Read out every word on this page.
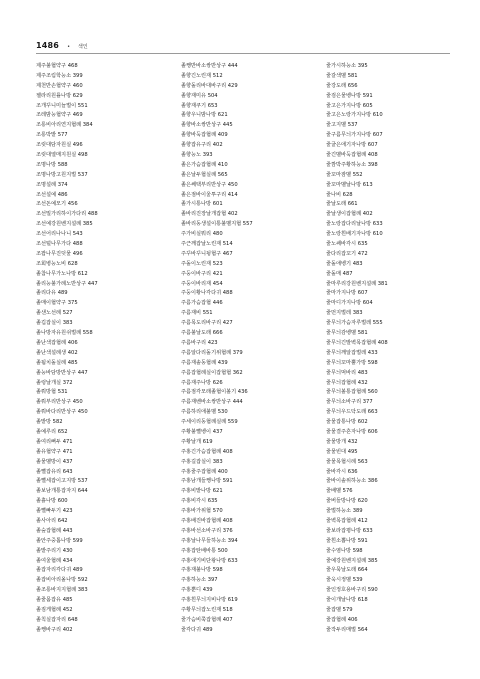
1486 • 색인
제주불협약구 468
제주조림학능소 399
제천반손협약구 460
젤라리원률나방 629
조개꾸니미늘벌이 551
조레밤능협약구 469
조롱비아리연지협례 384
조롱박밭 577
조릿대담자원실 496
조릿대열매지원실 498
조명나방 588
조명나방고원지벌 537
조명설례 374
조선설예 486
조선돈예모기 456
조선밀가리하이가다리 488
조선예강원벤지설례 385
조선어리나나니 543
조선털나무가다 488
조팝나무진딧물 496
조회병능노비 628
졸참나무가노나방 612
졸리능불가례노반상구 447
졸리다유 489
졸매이협약구 375
졸샌노선례 527
졸깁잡실이 383
졸나방자유원쉬벌례 558
졸난색잡협례 406
졸난색설례생 402
졸됨치돌실례 485
졸능바담방반상구 447
졸렁날개실 372
졸뤄방협 531
졸뤄부리반상구 450
졸뤄바다리반상구 450
졸밭방 582
졸예루리 652
졸여리뻐두 471
졸유협약구 471
졸물벨방이 437
졸뻘잡유리 643
졸뻘세잡이고지방 537
졸보남개통잡자지 644
졸흙나방 600
졸뻘빠두기 423
졸사아리 642
졸숲잡협례 443
졸안주중톱나방 599
졸밭주리기 430
졸여울협례 434
졸잡자리각다귀 489
졸잡비아리올나방 592
졸조롱바지지협례 383
졸줄몸잡유 485
졸짐게협례 452
졸칙실잡자리 648
졸쨍바구리 402
졸쨍반바소쌍반상구 444
졸향긴노린재 512
졸향돌리바대바구리 429
졸향재미유 504
졸향재쿠기 653
졸향우니밤나방 621
졸향바소쌍반상구 445
졸향바둑잡협례 409
졸향잡유구리 402
졸향능노 393
졸은가슴잡협례 410
졸은날두협실례 565
졸은쎄택부리반상구 450
졸은점바이울투구리 414
졸가시통나방 601
졸바리진장날개잡협 402
졸바리동생설이통불벨지협 557
주가비실뭐리 480
주근깨잡날노린재 514
주꾸바꾸니뒹협구 467
주돌이노린재 523
주둥이바구리 421
주둥이바리재 454
주둥이황나각다귀 488
주름가슴잡협 446
주름재비 551
주름목도리바구리 427
주름불날도래 666
주름바구리 423
주름알다리돌기위협례 379
주름재솔동협례 439
주름잡협례실이잡협협 362
주름재주나방 626
주름점각모래졸협이볼기 436
주름재벤바소쌍반상구 444
주름하리애불벨 530
주세이리동협례실례 559
주황불뻘벵이 437
주황날개 619
주홍긴가슴잡협례 408
주홍길잡실이 383
주홍줄주잡협례 400
주홍남개들쨍나방 591
주홍비밭나방 621
주홍비각시 635
주홍바가위협 570
주홍배진바잡협례 408
주홍바선소바구리 376
주홍날나무들하능소 394
주홍잡탄배바통 500
주홍애기비단왕나방 633
주홍재불나방 598
주홍하능소 397
주홍뿐디 439
주홍흰무늬지비나방 619
주황무늬잡노린재 518
줄가슴비쭉잡협례 407
줄각다귀 489
줄가시하능소 395
줄갈색벨 581
줄강도래 656
줄검은물벵나방 591
줄고은가지나방 605
줄고은노랑가지나방 610
줄고지벨 537
줄구름무늬가지나방 607
줄굴은애기자나방 607
줄긴벨바둑잡협례 408
줄깜박주황하능소 398
줄꼬마잠벨 552
줄꼬마벨날나방 613
줄나비 628
줄날도래 661
줄날생이잡협례 402
줄노랑잡다리날나방 633
줄노랑흰배기자나방 610
줄노쌔바각시 635
줄다리잡꼬기 472
줄돌애벵기 483
줄돌매 487
줄마루리강원벤지설례 381
줄마가지나방 607
줄마디가지나방 604
줄먼지벌레 383
줄무늬가슴자루벌레 555
줄무늬감벵벨 581
줄무늬긴발벽목잡협례 408
줄무늬깨알잡벌레 433
줄무늬꼬마뿔가방 598
줄무늬먹바리 483
줄무늬잡협례 432
줄무늬볼통잡협례 560
줄무늬소바구리 377
줄무늬우드닥도래 663
줄물잡통나방 602
줄물결주흔자나방 606
줄물방개 432
줄물빈대 495
줄물목협시례 563
줄바각시 636
줄바이솔위하능소 386
줄배벨 576
줄버들방나방 620
줄벌하능소 389
줄벽목잡협례 412
줄보라잡평나방 633
줄흰소뽑나방 591
줄수염나방 598
줄예강원벤지설례 385
줄우묵날도래 664
줄욱시정벨 539
줄인정호용바구리 590
줄이개날나방 618
줄잡벨 579
줄잡협례 406
줄작두리매벌 564
